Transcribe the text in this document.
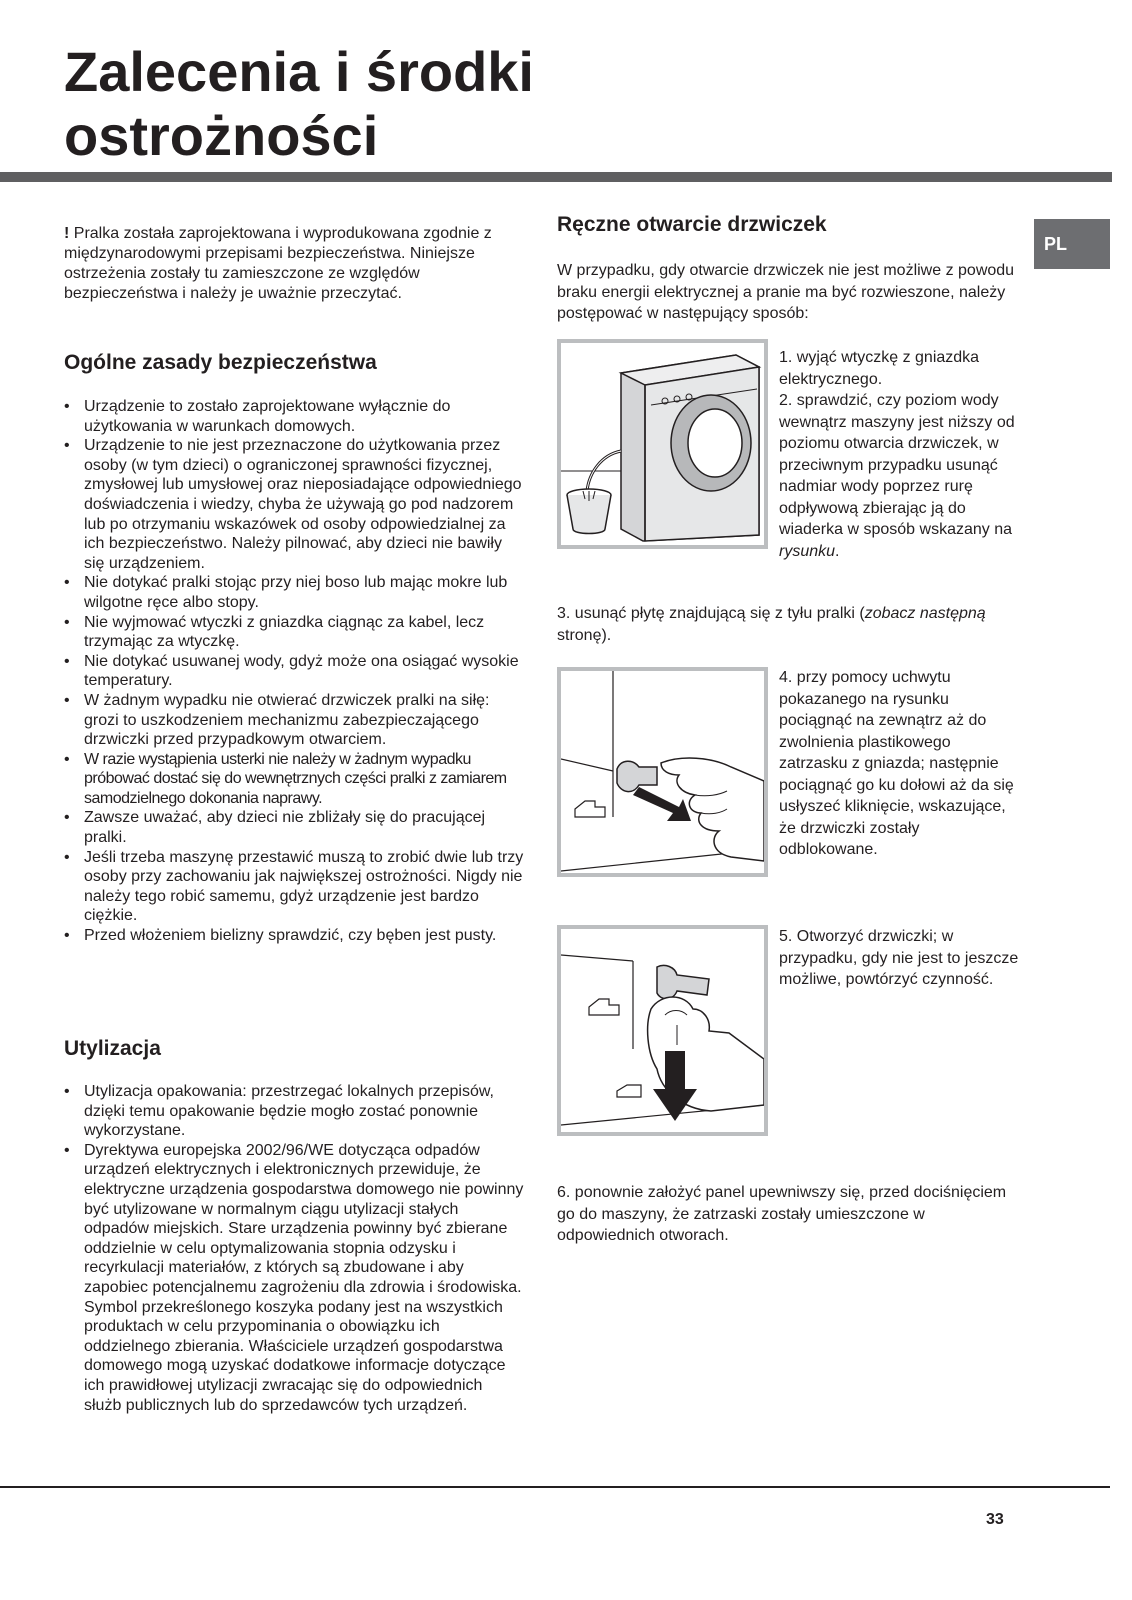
Zalecenia i środki
ostrożności
PL

! Pralka została zaprojektowana i wyprodukowana zgodnie z międzynarodowymi przepisami bezpieczeństwa. Niniejsze ostrzeżenia zostały tu zamieszczone ze względów bezpieczeństwa i należy je uważnie przeczytać.

Ogólne zasady bezpieczeństwa
• Urządzenie to zostało zaprojektowane wyłącznie do użytkowania w warunkach domowych.
• Urządzenie to nie jest przeznaczone do użytkowania przez osoby (w tym dzieci) o ograniczonej sprawności fizycznej, zmysłowej lub umysłowej oraz nieposiadające odpowiedniego doświadczenia i wiedzy, chyba że używają go pod nadzorem lub po otrzymaniu wskazówek od osoby odpowiedzialnej za ich bezpieczeństwo. Należy pilnować, aby dzieci nie bawiły się urządzeniem.
• Nie dotykać pralki stojąc przy niej boso lub mając mokre lub wilgotne ręce albo stopy.
• Nie wyjmować wtyczki z gniazdka ciągnąc za kabel, lecz trzymając za wtyczkę.
• Nie dotykać usuwanej wody, gdyż może ona osiągać wysokie temperatury.
• W żadnym wypadku nie otwierać drzwiczek pralki na siłę: grozi to uszkodzeniem mechanizmu zabezpieczającego drzwiczki przed przypadkowym otwarciem.
• W razie wystąpienia usterki nie należy w żadnym wypadku próbować dostać się do wewnętrznych części pralki z zamiarem samodzielnego dokonania naprawy.
• Zawsze uważać, aby dzieci nie zbliżały się do pracującej pralki.
• Jeśli trzeba maszynę przestawić muszą to zrobić dwie lub trzy osoby przy zachowaniu jak największej ostrożności. Nigdy nie należy tego robić samemu, gdyż urządzenie jest bardzo ciężkie.
• Przed włożeniem bielizny sprawdzić, czy bęben jest pusty.
Utylizacja
• Utylizacja opakowania: przestrzegać lokalnych przepisów, dzięki temu opakowanie będzie mogło zostać ponownie wykorzystane.
• Dyrektywa europejska 2002/96/WE dotycząca odpadów urządzeń elektrycznych i elektronicznych przewiduje, że elektryczne urządzenia gospodarstwa domowego nie powinny być utylizowane w normalnym ciągu utylizacji stałych odpadów miejskich. Stare urządzenia powinny być zbierane oddzielnie w celu optymalizowania stopnia odzysku i recyrkulacji materiałów, z których są zbudowane i aby zapobiec potencjalnemu zagrożeniu dla zdrowia i środowiska. Symbol przekreślonego koszyka podany jest na wszystkich produktach w celu przypominania o obowiązku ich oddzielnego zbierania. Właściciele urządzeń gospodarstwa domowego mogą uzyskać dodatkowe informacje dotyczące ich prawidłowej utylizacji zwracając się do odpowiednich służb publicznych lub do sprzedawców tych urządzeń.
Ręczne otwarcie drzwiczek

W przypadku, gdy otwarcie drzwiczek nie jest możliwe z powodu braku energii elektrycznej a pranie ma być rozwieszone, należy postępować w następujący sposób:

1. wyjąć wtyczkę z gniazdka elektrycznego.

2. sprawdzić, czy poziom wody wewnątrz maszyny jest niższy od poziomu otwarcia drzwiczek, w przeciwnym przypadku usunąć nadmiar wody poprzez rurę odpływową zbierając ją do wiaderka w sposób wskazany na rysunku.

3. usunąć płytę znajdującą się z tyłu pralki (zobacz następną stronę).

4. przy pomocy uchwytu pokazanego na rysunku pociągnąć na zewnątrz aż do zwolnienia plastikowego zatrzasku z gniazda; następnie pociągnąć go ku dołowi aż da się usłyszeć kliknięcie, wskazujące, że drzwiczki zostały odblokowane.

5. Otworzyć drzwiczki; w przypadku, gdy nie jest to jeszcze możliwe, powtórzyć czynność.

6. ponownie założyć panel upewniwszy się, przed dociśnięciem go do maszyny, że zatrzaski zostały umieszczone w odpowiednich otworach.

33
